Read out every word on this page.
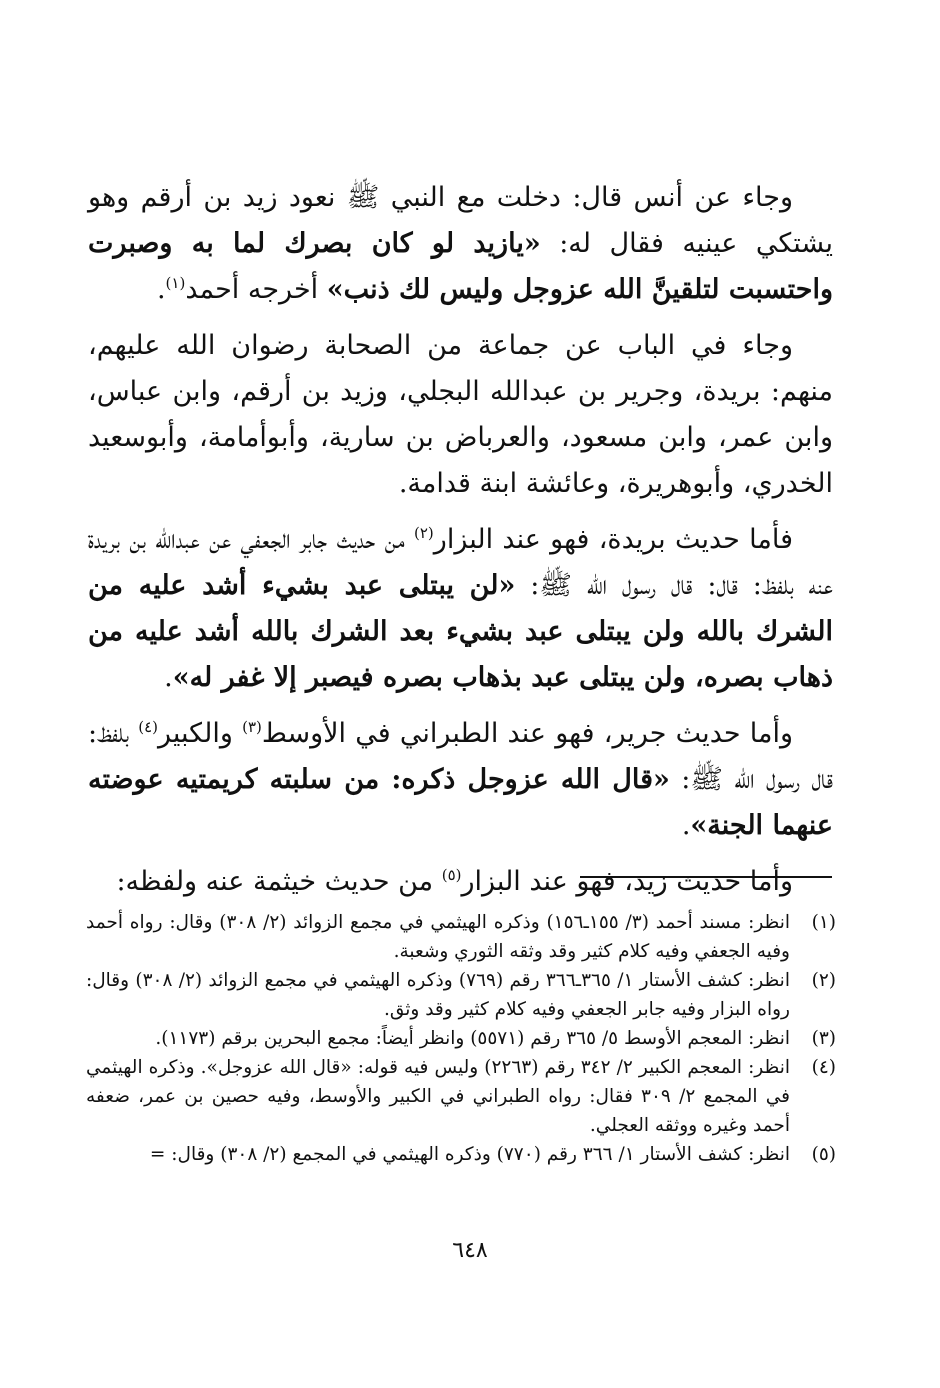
وجاء عن أنس قال: دخلت مع النبي ﷺ نعود زيد بن أرقم وهو يشتكي عينيه فقال له: «يازيد لو كان بصرك لما به وصبرت واحتسبت لتلقينَّ الله عزوجل وليس لك ذنب» أخرجه أحمد$^{(١)}$.

وجاء في الباب عن جماعة من الصحابة رضوان الله عليهم، منهم: بريدة، وجرير بن عبدالله البجلي، وزيد بن أرقم، وابن عباس، وابن عمر، وابن مسعود، والعرباض بن سارية، وأبوأمامة، وأبوسعيد الخدري، وأبوهريرة، وعائشة ابنة قدامة.

فأما حديث بريدة، فهو عند البزار$^{(٢)}$ من حديث جابر الجعفي عن عبدالله بن بريدة عنه بلفظ: قال: قال رسول الله ﷺ: «لن يبتلى عبد بشيء أشد عليه من الشرك بالله ولن يبتلى عبد بشيء بعد الشرك بالله أشد عليه من ذهاب بصره، ولن يبتلى عبد بذهاب بصره فيصبر إلا غفر له».

وأما حديث جرير، فهو عند الطبراني في الأوسط$^{(٣)}$ والكبير$^{(٤)}$ بلفظ: قال رسول الله ﷺ: «قال الله عزوجل ذكره: من سلبته كريمتيه عوضته عنهما الجنة».

وأما حديث زيد، فهو عند البزار$^{(٥)}$ من حديث خيثمة عنه ولفظه:

(١)
انظر: مسند أحمد (٣/ ١٥٥ـ١٥٦) وذكره الهيثمي في مجمع الزوائد (٢/ ٣٠٨) وقال: رواه أحمد وفيه الجعفي وفيه كلام كثير وقد وثقه الثوري وشعبة.
(٢)
انظر: كشف الأستار ١/ ٣٦٥ـ٣٦٦ رقم (٧٦٩) وذكره الهيثمي في مجمع الزوائد (٢/ ٣٠٨) وقال: رواه البزار وفيه جابر الجعفي وفيه كلام كثير وقد وثق.
(٣)
انظر: المعجم الأوسط ٥/ ٣٦٥ رقم (٥٥٧١) وانظر أيضاً: مجمع البحرين برقم (١١٧٣).
(٤)
انظر: المعجم الكبير ٢/ ٣٤٢ رقم (٢٢٦٣) وليس فيه قوله: «قال الله عزوجل». وذكره الهيثمي في المجمع ٢/ ٣٠٩ فقال: رواه الطبراني في الكبير والأوسط، وفيه حصين بن عمر، ضعفه أحمد وغيره ووثقه العجلي.
(٥)
انظر: كشف الأستار ١/ ٣٦٦ رقم (٧٧٠) وذكره الهيثمي في المجمع (٢/ ٣٠٨) وقال: =
٦٤٨
